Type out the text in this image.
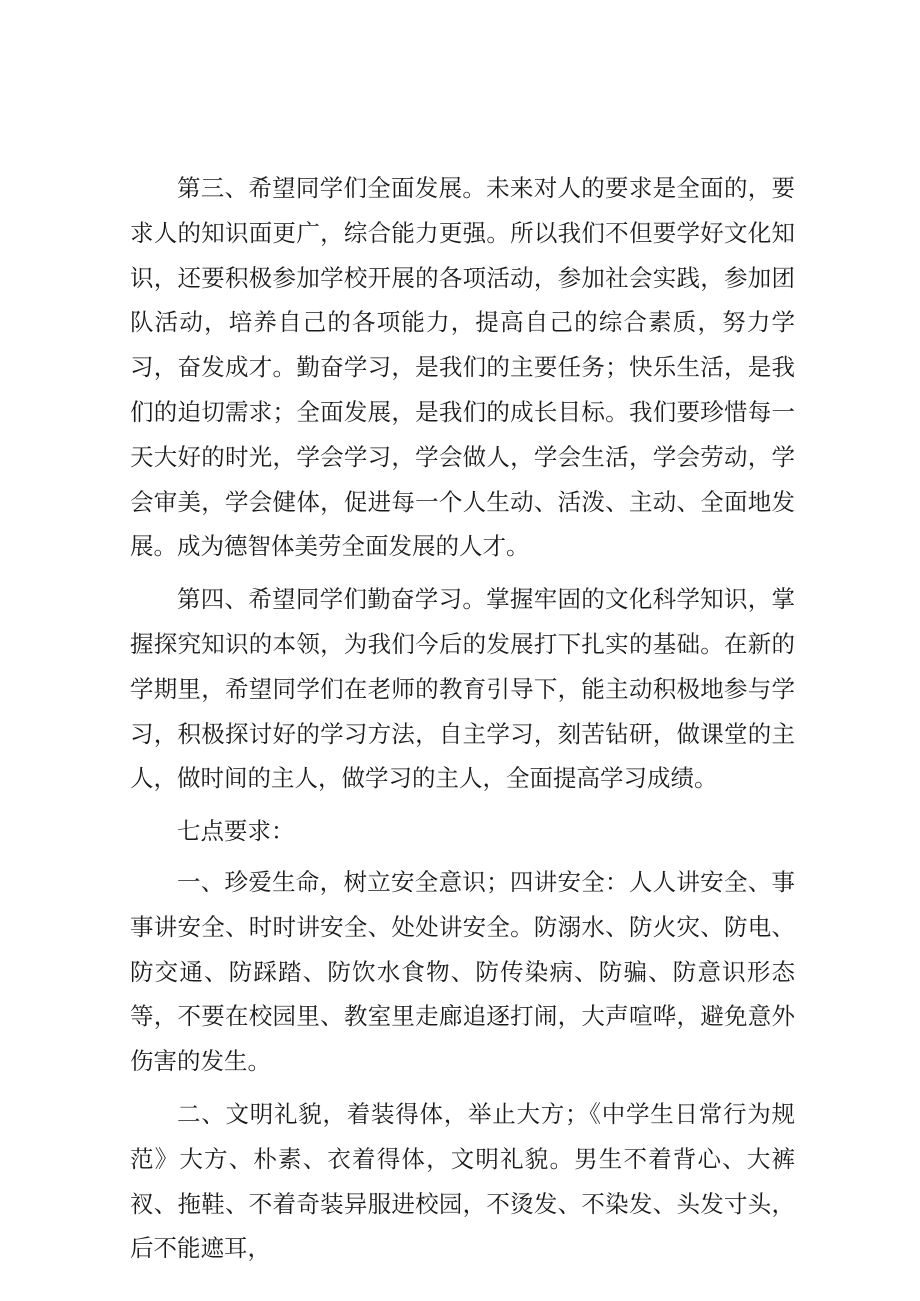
第三、希望同学们全面发展。未来对人的要求是全面的，要求人的知识面更广，综合能力更强。所以我们不但要学好文化知识，还要积极参加学校开展的各项活动，参加社会实践，参加团队活动，培养自己的各项能力，提高自己的综合素质，努力学习，奋发成才。勤奋学习，是我们的主要任务；快乐生活，是我们的迫切需求；全面发展，是我们的成长目标。我们要珍惜每一天大好的时光，学会学习，学会做人，学会生活，学会劳动，学会审美，学会健体，促进每一个人生动、活泼、主动、全面地发展。成为德智体美劳全面发展的人才。

第四、希望同学们勤奋学习。掌握牢固的文化科学知识，掌握探究知识的本领，为我们今后的发展打下扎实的基础。在新的学期里，希望同学们在老师的教育引导下，能主动积极地参与学习，积极探讨好的学习方法，自主学习，刻苦钻研，做课堂的主人，做时间的主人，做学习的主人，全面提高学习成绩。

七点要求：

一、珍爱生命，树立安全意识；四讲安全：人人讲安全、事事讲安全、时时讲安全、处处讲安全。防溺水、防火灾、防电、防交通、防踩踏、防饮水食物、防传染病、防骗、防意识形态等，不要在校园里、教室里走廊追逐打闹，大声喧哗，避免意外伤害的发生。

二、文明礼貌，着装得体，举止大方；《中学生日常行为规范》大方、朴素、衣着得体，文明礼貌。男生不着背心、大裤衩、拖鞋、不着奇装异服进校园，不烫发、不染发、头发寸头，后不能遮耳，
